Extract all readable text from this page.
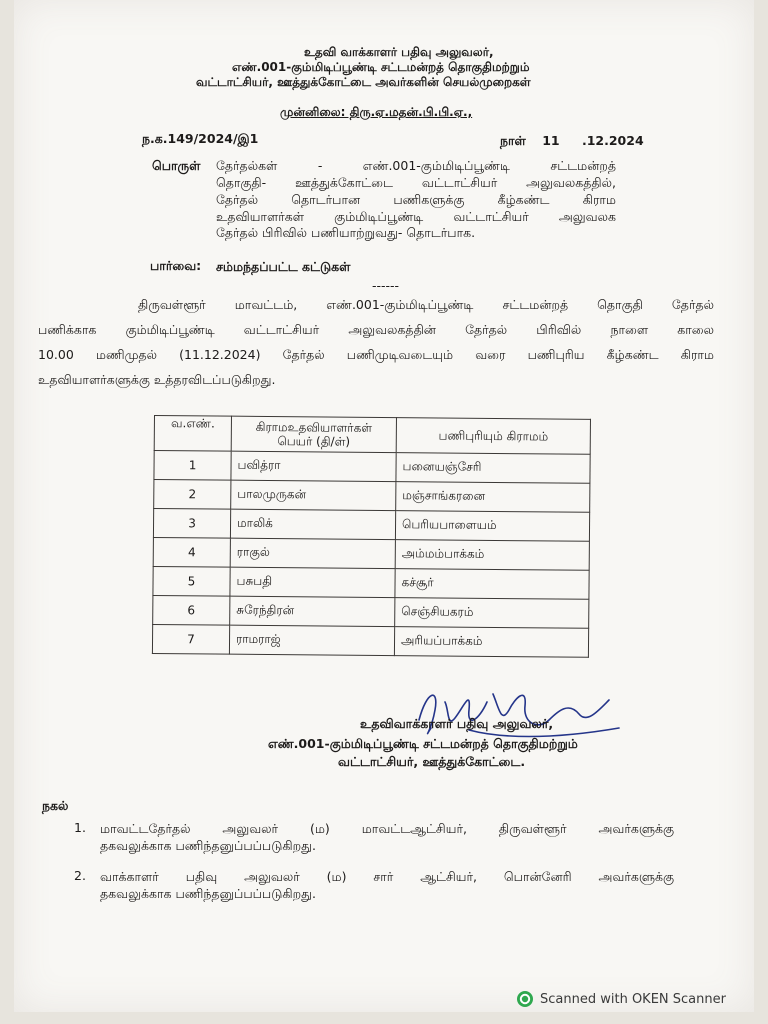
உதவி வாக்காளர் பதிவு அலுவலர்,
எண்.001-கும்மிடிப்பூண்டி சட்டமன்றத் தொகுதிமற்றும்
வட்டாட்சியர், ஊத்துக்கோட்டை அவர்களின் செயல்முறைகள்
முன்னிலை: திரு.ஏ.மதன்.பி.பி.ஏ.,
ந.க.149/2024/இ1	நாள் 11 .12.2024
பொருள் தேர்தல்கள் - எண்.001-கும்மிடிப்பூண்டி சட்டமன்றத்
தொகுதி- ஊத்துக்கோட்டை வட்டாட்சியர் அலுவலகத்தில்,
தேர்தல் தொடர்பான பணிகளுக்கு கீழ்கண்ட கிராம
உதவியாளர்கள் கும்மிடிப்பூண்டி வட்டாட்சியர் அலுவலக
தேர்தல் பிரிவில் பணியாற்றுவது- தொடர்பாக.
பார்வை: சம்மந்தப்பட்ட கட்டுகள்
------
திருவள்ளூர் மாவட்டம், எண்.001-கும்மிடிப்பூண்டி சட்டமன்றத் தொகுதி தேர்தல்
பணிக்காக கும்மிடிப்பூண்டி வட்டாட்சியர் அலுவலகத்தின் தேர்தல் பிரிவில் நாளை காலை
10.00 மணிமுதல் (11.12.2024) தேர்தல் பணிமுடிவடையும் வரை பணிபுரிய கீழ்கண்ட கிராம
உதவியாளர்களுக்கு உத்தரவிடப்படுகிறது.
வ.எண்.	கிராமஉதவியாளர்கள் பெயர் (தி/ள்)	பணிபுரியும் கிராமம்
1	பவித்ரா	பனையஞ்சேரி
2	பாலமுருகன்	மஞ்சாங்கரனை
3	மாலிக்	பெரியபாளையம்
4	ராகுல்	அம்மம்பாக்கம்
5	பசுபதி	கச்சூர்
6	சுரேந்திரன்	செஞ்சியகரம்
7	ராமராஜ்	அரியப்பாக்கம்
உதவிவாக்காளர் பதிவு அலுவலர்,
எண்.001-கும்மிடிப்பூண்டி சட்டமன்றத் தொகுதிமற்றும்
வட்டாட்சியர், ஊத்துக்கோட்டை.
நகல்
1. மாவட்டதேர்தல் அலுவலர் (ம) மாவட்டஆட்சியர், திருவள்ளூர் அவர்களுக்கு
தகவலுக்காக பணிந்தனுப்பப்படுகிறது.
2. வாக்காளர் பதிவு அலுவலர் (ம) சார் ஆட்சியர், பொன்னேரி அவர்களுக்கு
தகவலுக்காக பணிந்தனுப்பப்படுகிறது.
Scanned with OKEN Scanner
